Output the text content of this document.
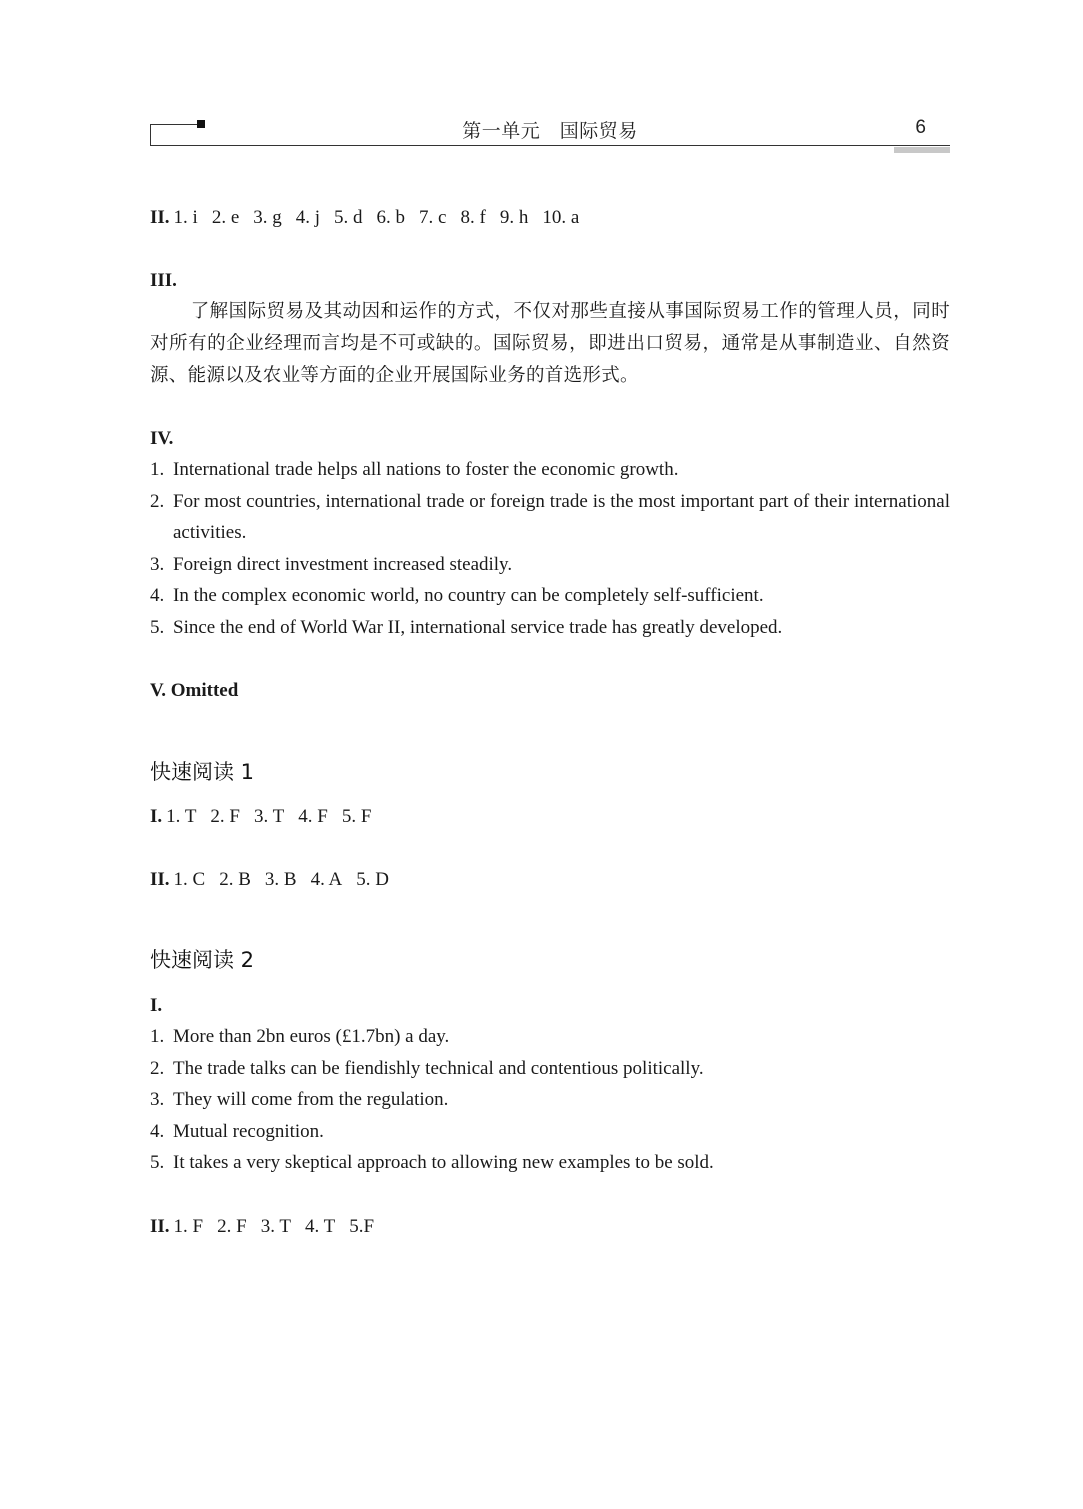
第一单元　国际贸易	6
II. 1. i 2. e 3. g 4. j 5. d 6. b 7. c 8. f 9. h 10. a
III.
了解国际贸易及其动因和运作的方式，不仅对那些直接从事国际贸易工作的管理人员，同时对所有的企业经理而言均是不可或缺的。国际贸易，即进出口贸易，通常是从事制造业、自然资源、能源以及农业等方面的企业开展国际业务的首选形式。
IV.
1. International trade helps all nations to foster the economic growth.
2. For most countries, international trade or foreign trade is the most important part of their international activities.
3. Foreign direct investment increased steadily.
4. In the complex economic world, no country can be completely self-sufficient.
5. Since the end of World War II, international service trade has greatly developed.
V. Omitted
快速阅读 1
I. 1. T 2. F 3. T 4. F 5. F
II. 1. C 2. B 3. B 4. A 5. D
快速阅读 2
I.
1. More than 2bn euros (£1.7bn) a day.
2. The trade talks can be fiendishly technical and contentious politically.
3. They will come from the regulation.
4. Mutual recognition.
5. It takes a very skeptical approach to allowing new examples to be sold.
II. 1. F 2. F 3. T 4. T 5.F
